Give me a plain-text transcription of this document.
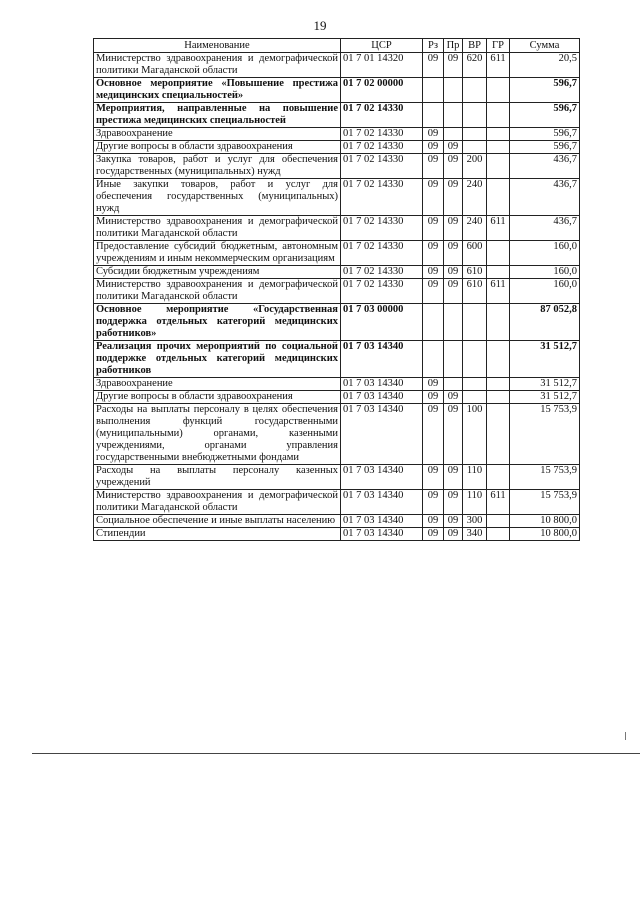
19
Наименование	ЦСР	Рз	Пр	ВР	ГР	Сумма
Министерство здравоохранения и демографической политики Магаданской области	01 7 01 14320	09	09	620	611	20,5
Основное мероприятие «Повышение престижа медицинских специальностей»	01 7 02 00000					596,7
Мероприятия, направленные на повышение престижа медицинских специальностей	01 7 02 14330					596,7
Здравоохранение	01 7 02 14330	09				596,7
Другие вопросы в области здравоохранения	01 7 02 14330	09	09			596,7
Закупка товаров, работ и услуг для обеспечения государственных (муниципальных) нужд	01 7 02 14330	09	09	200		436,7
Иные закупки товаров, работ и услуг для обеспечения государственных (муниципальных) нужд	01 7 02 14330	09	09	240		436,7
Министерство здравоохранения и демографической политики Магаданской области	01 7 02 14330	09	09	240	611	436,7
Предоставление субсидий бюджетным, автономным учреждениям и иным некоммерческим организациям	01 7 02 14330	09	09	600		160,0
Субсидии бюджетным учреждениям	01 7 02 14330	09	09	610		160,0
Министерство здравоохранения и демографической политики Магаданской области	01 7 02 14330	09	09	610	611	160,0
Основное мероприятие «Государственная поддержка отдельных категорий медицинских работников»	01 7 03 00000					87 052,8
Реализация прочих мероприятий по социальной поддержке отдельных категорий медицинских работников	01 7 03 14340					31 512,7
Здравоохранение	01 7 03 14340	09				31 512,7
Другие вопросы в области здравоохранения	01 7 03 14340	09	09			31 512,7
Расходы на выплаты персоналу в целях обеспечения выполнения функций государственными (муниципальными) органами, казенными учреждениями, органами управления государственными внебюджетными фондами	01 7 03 14340	09	09	100		15 753,9
Расходы на выплаты персоналу казенных учреждений	01 7 03 14340	09	09	110		15 753,9
Министерство здравоохранения и демографической политики Магаданской области	01 7 03 14340	09	09	110	611	15 753,9
Социальное обеспечение и иные выплаты населению	01 7 03 14340	09	09	300		10 800,0
Стипендии	01 7 03 14340	09	09	340		10 800,0
